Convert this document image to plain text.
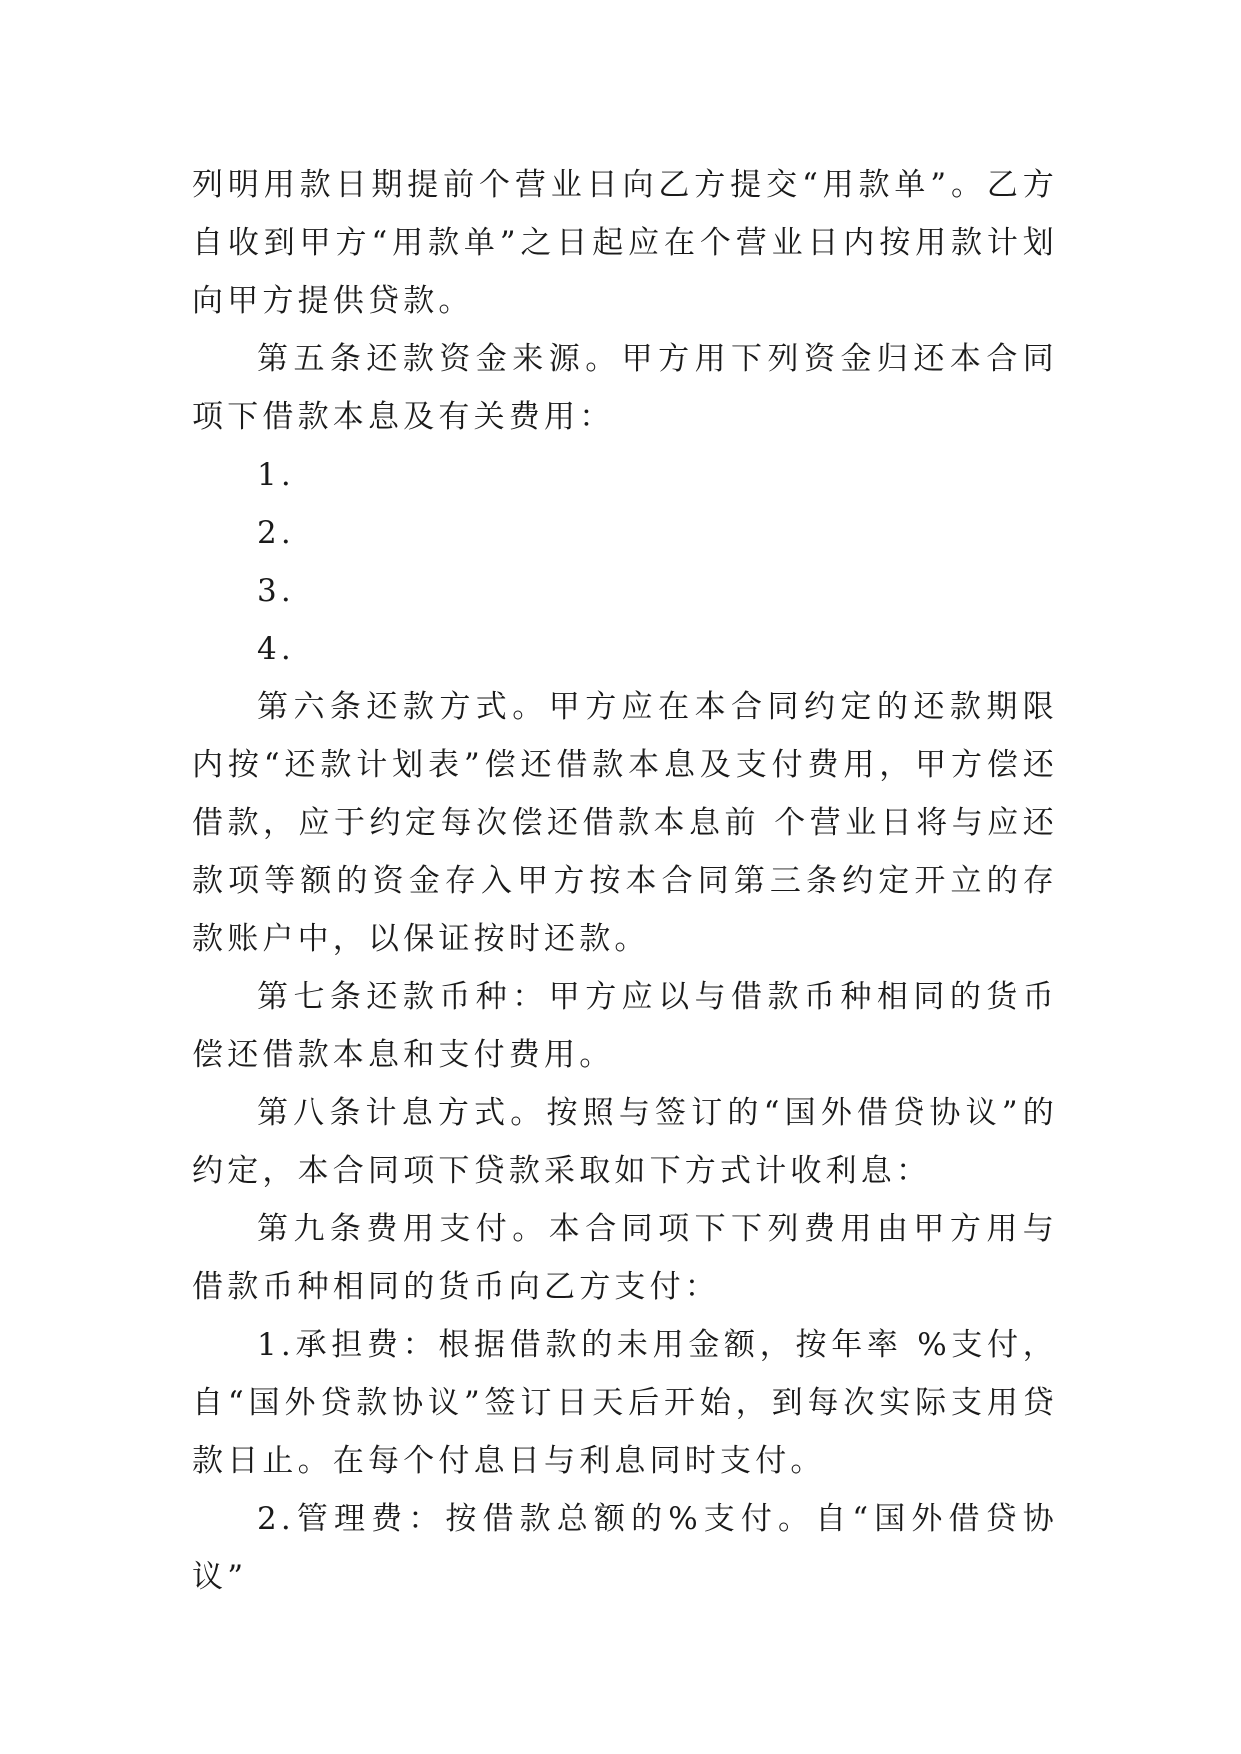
列明用款日期提前个营业日向乙方提交“用款单”。乙方自收到甲方“用款单”之日起应在个营业日内按用款计划向甲方提供贷款。

第五条还款资金来源。甲方用下列资金归还本合同项下借款本息及有关费用：

1.

2.

3.

4.

第六条还款方式。甲方应在本合同约定的还款期限内按“还款计划表”偿还借款本息及支付费用，甲方偿还借款，应于约定每次偿还借款本息前 个营业日将与应还款项等额的资金存入甲方按本合同第三条约定开立的存款账户中，以保证按时还款。

第七条还款币种：甲方应以与借款币种相同的货币偿还借款本息和支付费用。

第八条计息方式。按照与签订的“国外借贷协议”的约定，本合同项下贷款采取如下方式计收利息：

第九条费用支付。本合同项下下列费用由甲方用与借款币种相同的货币向乙方支付：

1.承担费：根据借款的未用金额，按年率 %支付，自“国外贷款协议”签订日天后开始，到每次实际支用贷款日止。在每个付息日与利息同时支付。

2.管理费：按借款总额的%支付。自“国外借贷协议”
